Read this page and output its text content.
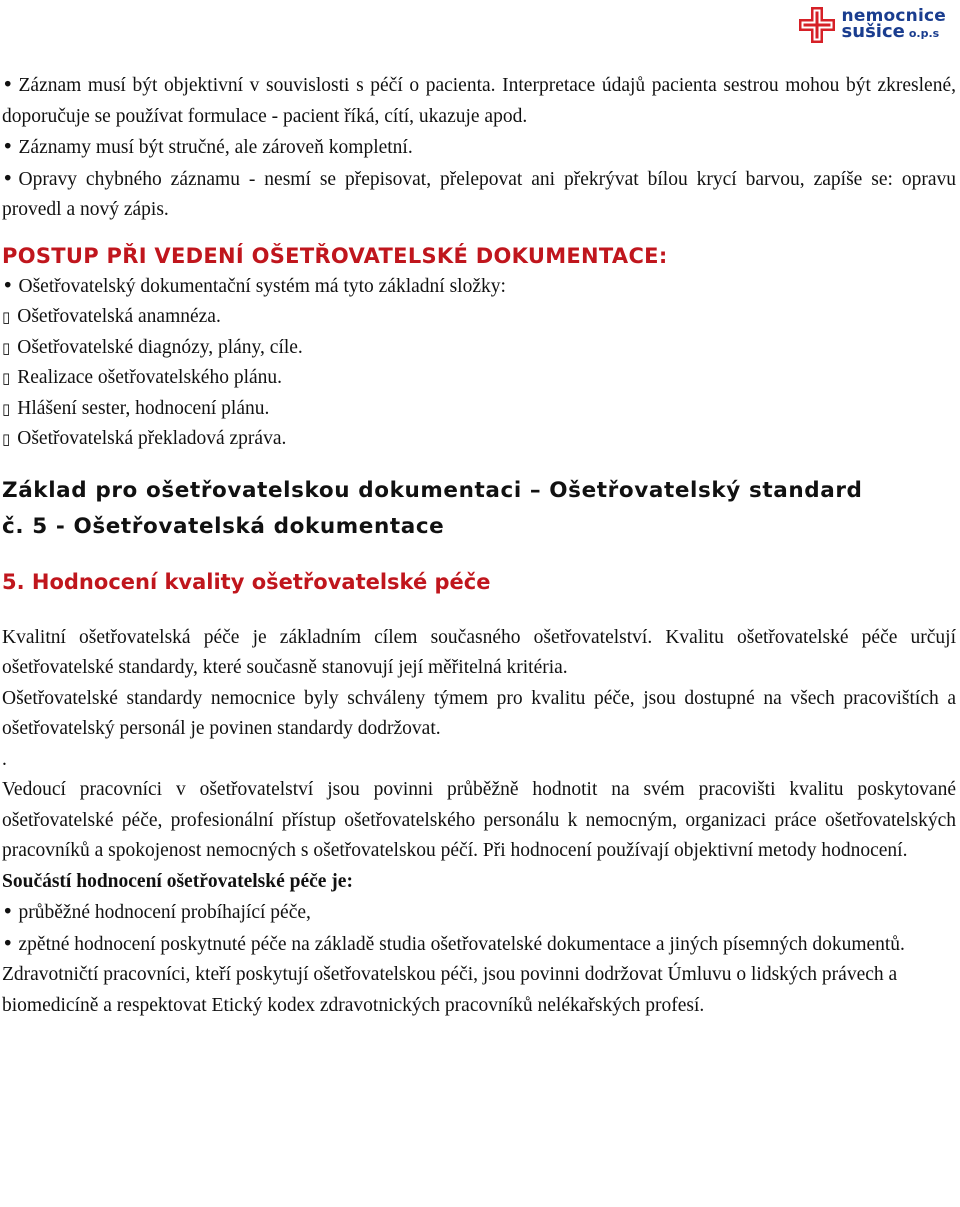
nemocnice
sušice o.p.s

• Záznam musí být objektivní v souvislosti s péčí o pacienta. Interpretace údajů pacienta sestrou mohou být zkreslené, doporučuje se používat formulace - pacient říká, cítí, ukazuje apod.

• Záznamy musí být stručné, ale zároveň kompletní.

• Opravy chybného záznamu - nesmí se přepisovat, přelepovat ani překrývat bílou krycí barvou, zapíše se: opravu provedl a nový zápis.

POSTUP PŘI VEDENÍ OŠETŘOVATELSKÉ DOKUMENTACE:

• Ošetřovatelský dokumentační systém má tyto základní složky:

▯ Ošetřovatelská anamnéza.

▯ Ošetřovatelské diagnózy, plány, cíle.

▯ Realizace ošetřovatelského plánu.

▯ Hlášení sester, hodnocení plánu.

▯ Ošetřovatelská překladová zpráva.

Základ pro ošetřovatelskou dokumentaci – Ošetřovatelský standard

č. 5 - Ošetřovatelská dokumentace

5. Hodnocení kvality ošetřovatelské péče

Kvalitní ošetřovatelská péče je základním cílem současného ošetřovatelství. Kvalitu ošetřovatelské péče určují ošetřovatelské standardy, které současně stanovují její měřitelná kritéria.

Ošetřovatelské standardy nemocnice byly schváleny týmem pro kvalitu péče, jsou dostupné na všech pracovištích a ošetřovatelský personál je povinen standardy dodržovat.

.

Vedoucí pracovníci v ošetřovatelství jsou povinni průběžně hodnotit na svém pracovišti kvalitu poskytované ošetřovatelské péče, profesionální přístup ošetřovatelského personálu k nemocným, organizaci práce ošetřovatelských pracovníků a spokojenost nemocných s ošetřovatelskou péčí. Při hodnocení používají objektivní metody hodnocení.

Součástí hodnocení ošetřovatelské péče je:

• průběžné hodnocení probíhající péče,

• zpětné hodnocení poskytnuté péče na základě studia ošetřovatelské dokumentace a jiných písemných dokumentů.

Zdravotničtí pracovníci, kteří poskytují ošetřovatelskou péči, jsou povinni dodržovat Úmluvu o lidských právech a biomedicíně a respektovat Etický kodex zdravotnických pracovníků nelékařských profesí.
